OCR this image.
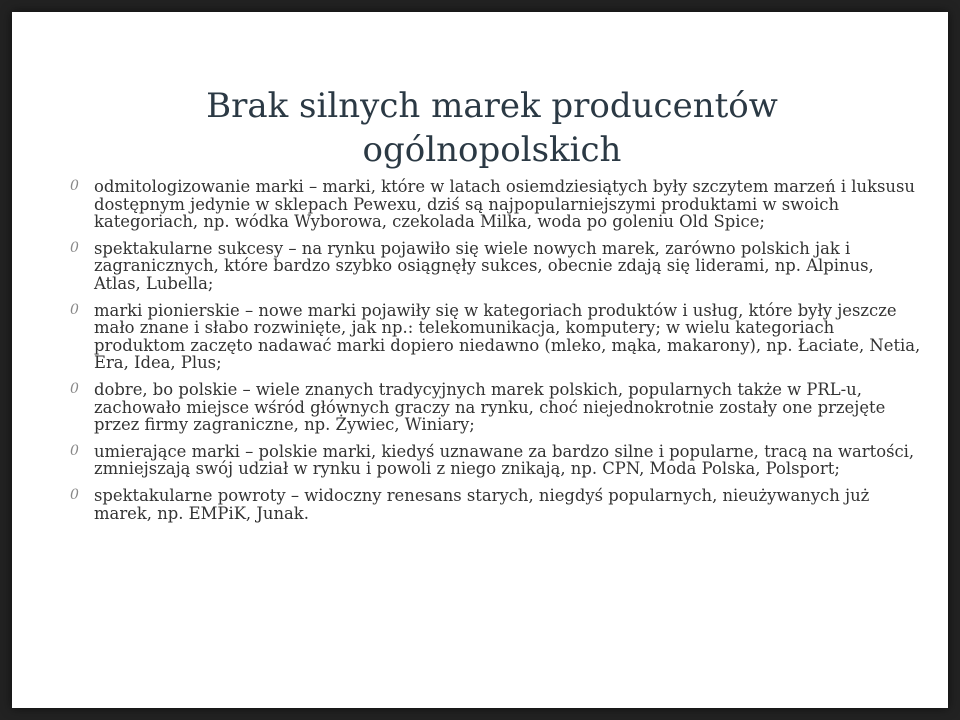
Brak silnych marek producentów ogólnopolskich
0 odmitologizowanie marki – marki, które w latach osiemdziesiątych były szczytem marzeń i luksusu dostępnym jedynie w sklepach Pewexu, dziś są najpopularniejszymi produktami w swoich kategoriach, np. wódka Wyborowa, czekolada Milka, woda po goleniu Old Spice;
0 spektakularne sukcesy – na rynku pojawiło się wiele nowych marek, zarówno polskich jak i zagranicznych, które bardzo szybko osiągnęły sukces, obecnie zdają się liderami, np. Alpinus, Atlas, Lubella;
0 marki pionierskie – nowe marki pojawiły się w kategoriach produktów i usług, które były jeszcze mało znane i słabo rozwinięte, jak np.: telekomunikacja, komputery; w wielu kategoriach produktom zaczęto nadawać marki dopiero niedawno (mleko, mąka, makarony), np. Łaciate, Netia, Era, Idea, Plus;
0 dobre, bo polskie – wiele znanych tradycyjnych marek polskich, popularnych także w PRL-u, zachowało miejsce wśród głównych graczy na rynku, choć niejednokrotnie zostały one przejęte przez firmy zagraniczne, np. Żywiec, Winiary;
0 umierające marki – polskie marki, kiedyś uznawane za bardzo silne i popularne, tracą na wartości, zmniejszają swój udział w rynku i powoli z niego znikają, np. CPN, Moda Polska, Polsport;
0 spektakularne powroty – widoczny renesans starych, niegdyś popularnych, nieużywanych już marek, np. EMPiK, Junak.
